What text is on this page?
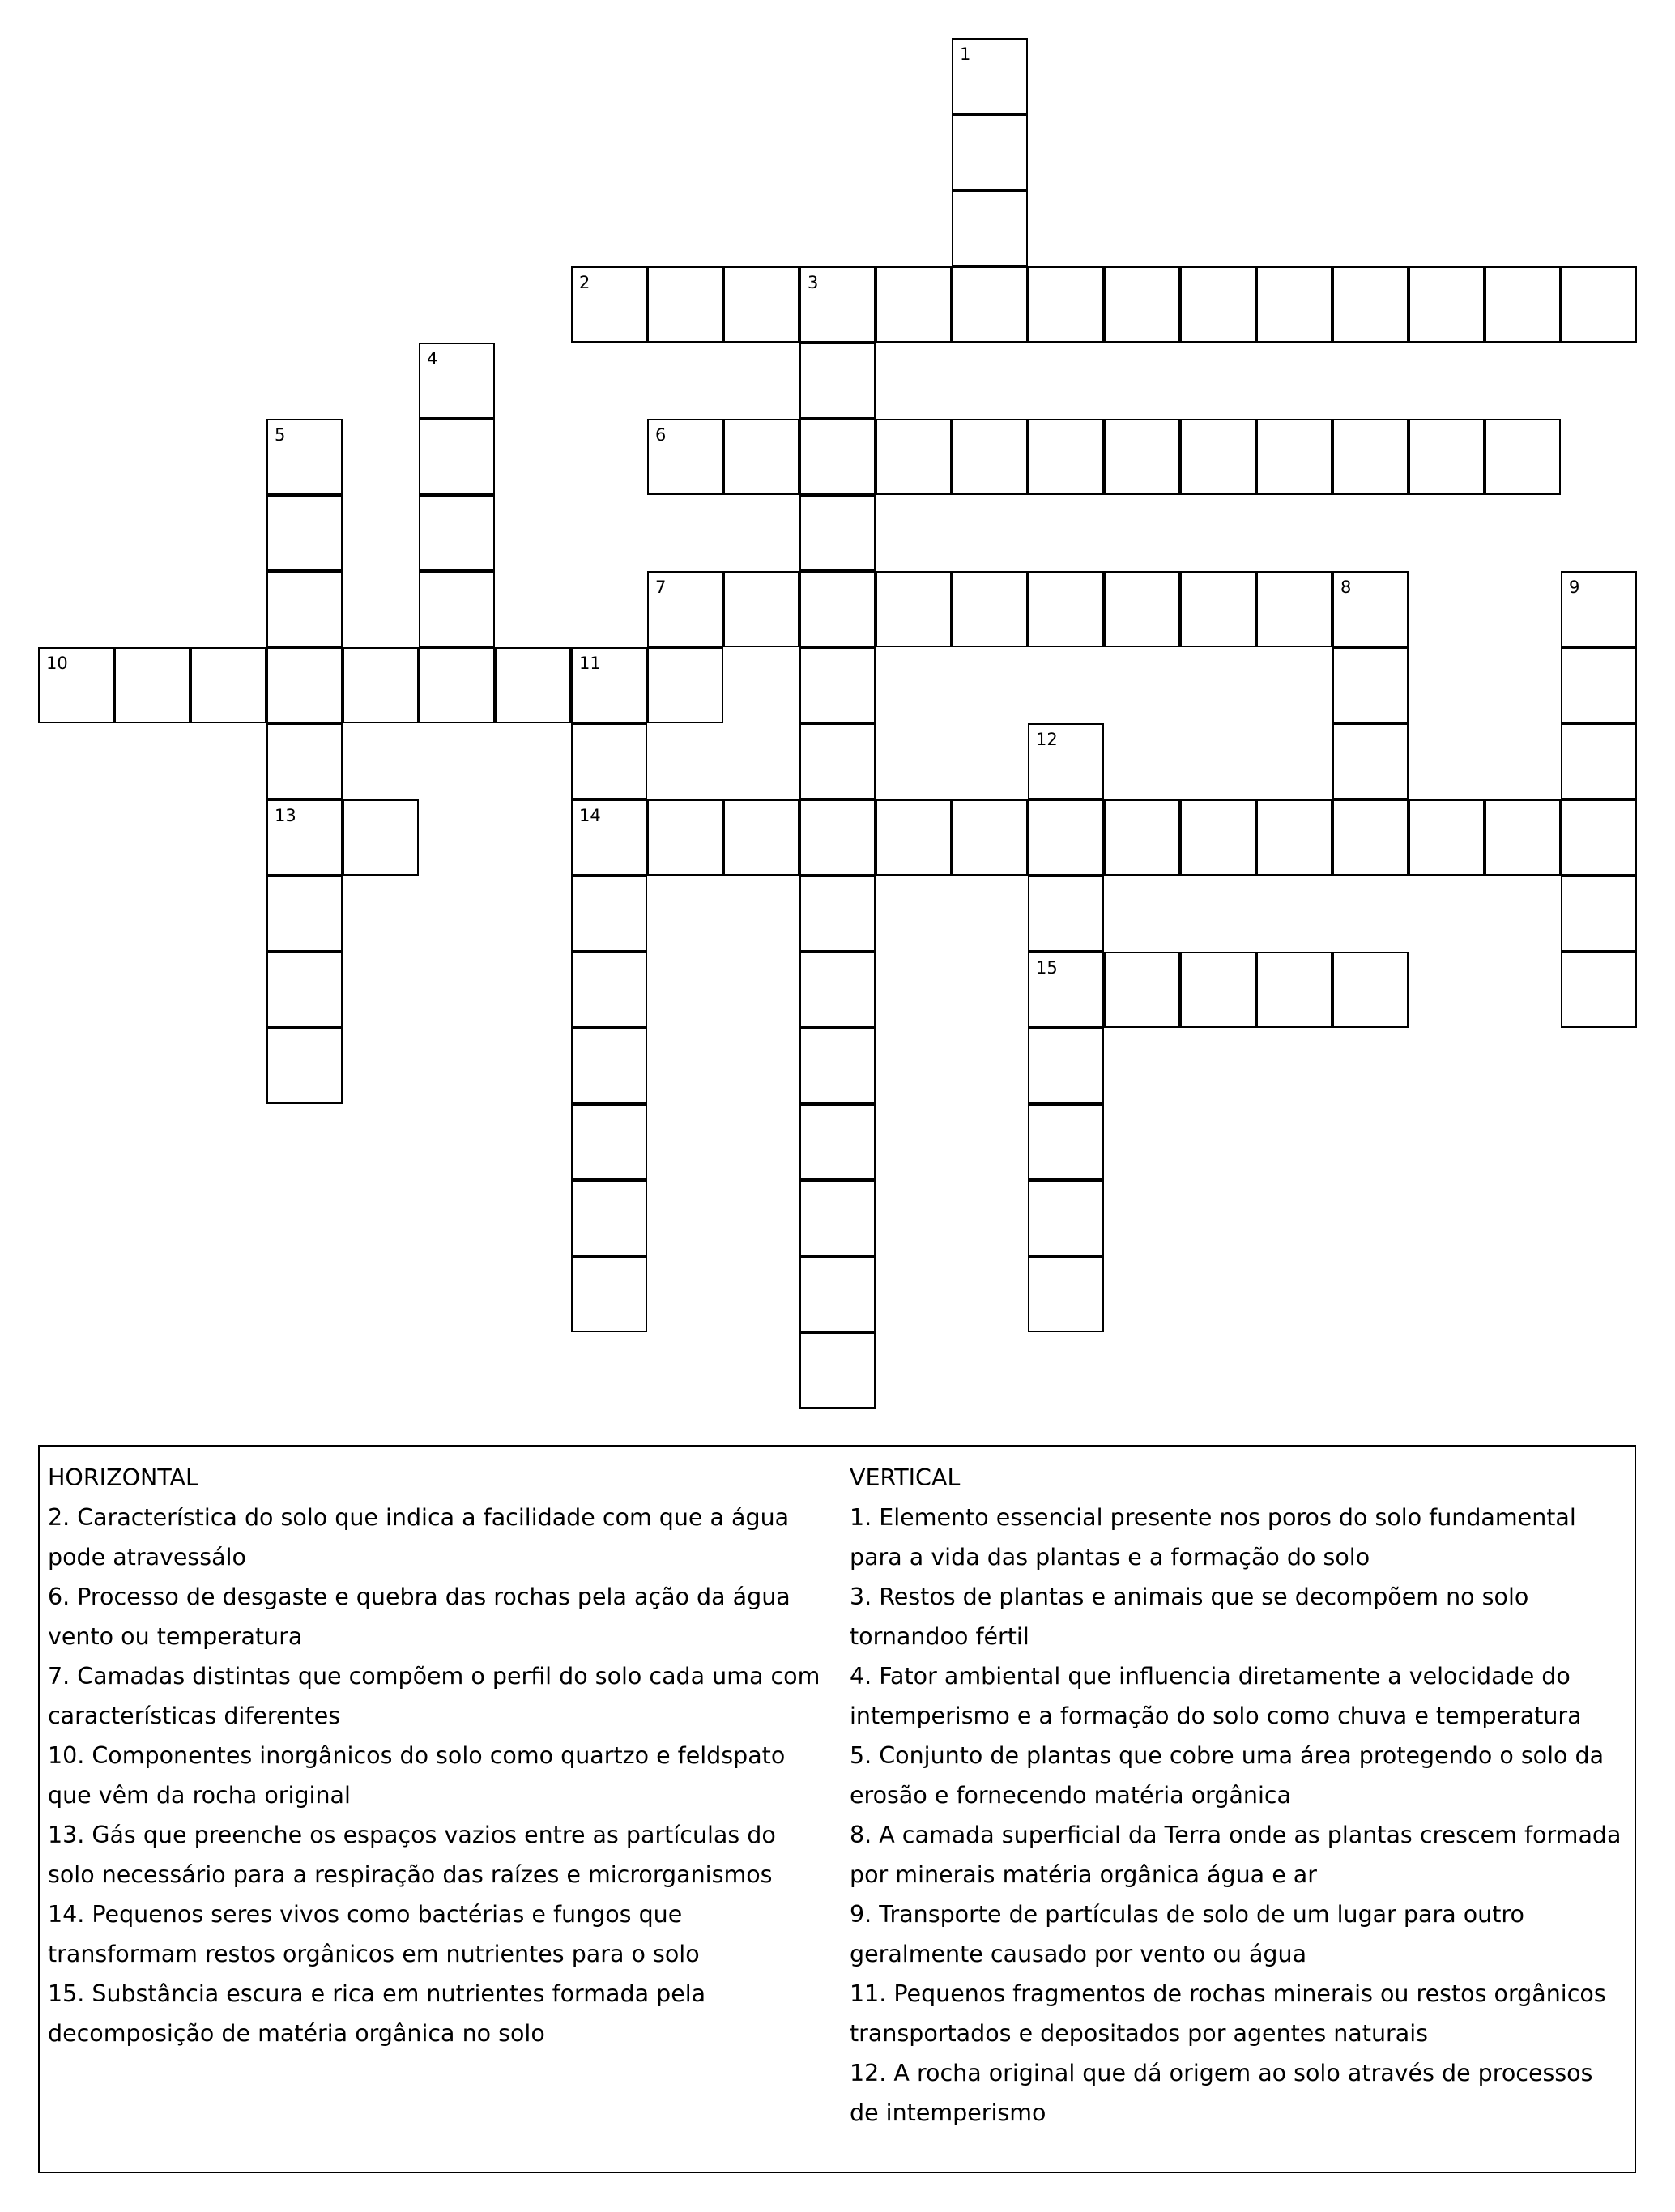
1
2	3
4
5
13
6
7	8	9
10	11
14
12
15

HORIZONTAL

2. Característica do solo que indica a facilidade com que a água pode atravessálo

6. Processo de desgaste e quebra das rochas pela ação da água vento ou temperatura

7. Camadas distintas que compõem o perfil do solo cada uma com características diferentes

10. Componentes inorgânicos do solo como quartzo e feldspato que vêm da rocha original

13. Gás que preenche os espaços vazios entre as partículas do solo necessário para a respiração das raízes e microrganismos

14. Pequenos seres vivos como bactérias e fungos que transformam restos orgânicos em nutrientes para o solo

15. Substância escura e rica em nutrientes formada pela decomposição de matéria orgânica no solo

VERTICAL

1. Elemento essencial presente nos poros do solo fundamental para a vida das plantas e a formação do solo

3. Restos de plantas e animais que se decompõem no solo tornandoo fértil

4. Fator ambiental que influencia diretamente a velocidade do intemperismo e a formação do solo como chuva e temperatura

5. Conjunto de plantas que cobre uma área protegendo o solo da erosão e fornecendo matéria orgânica

8. A camada superficial da Terra onde as plantas crescem formada por minerais matéria orgânica água e ar

9. Transporte de partículas de solo de um lugar para outro geralmente causado por vento ou água

11. Pequenos fragmentos de rochas minerais ou restos orgânicos transportados e depositados por agentes naturais

12. A rocha original que dá origem ao solo através de processos de intemperismo
